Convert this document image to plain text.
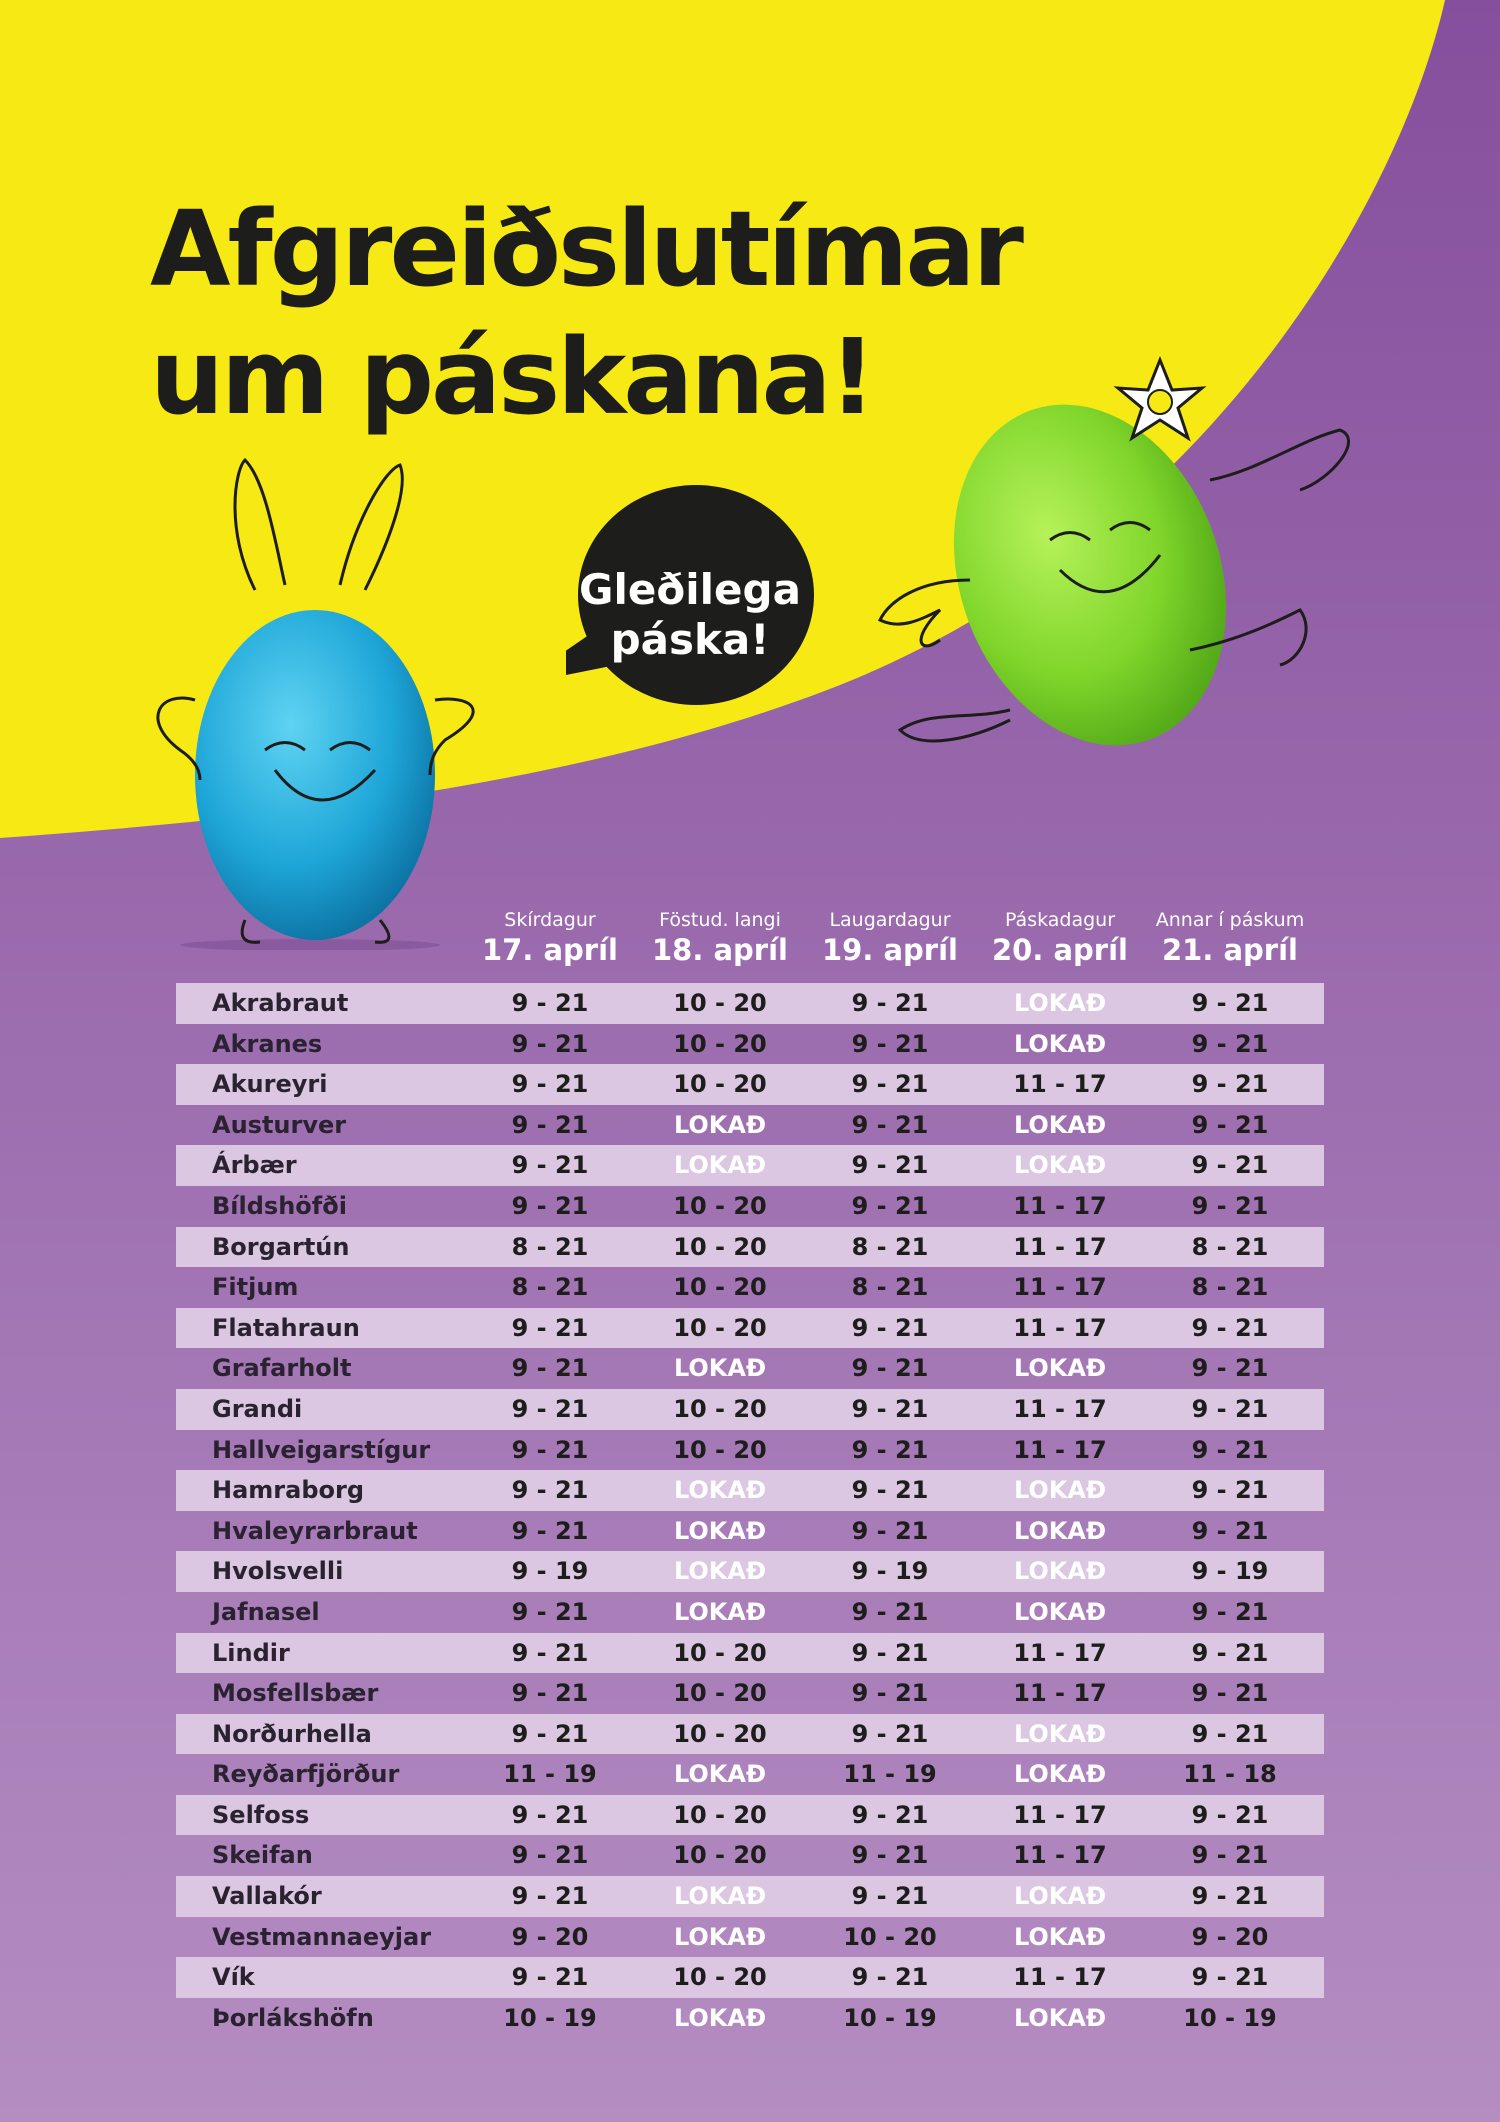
Afgreiðslutímar
um páskana!
Gleðilega
páska!
Skírdagur
17. apríl
Föstud. langi
18. apríl
Laugardagur
19. apríl
Páskadagur
20. apríl
Annar í páskum
21. apríl
Akrabraut	9 - 21	10 - 20	9 - 21	LOKAÐ	9 - 21
Akranes	9 - 21	10 - 20	9 - 21	LOKAÐ	9 - 21
Akureyri	9 - 21	10 - 20	9 - 21	11 - 17	9 - 21
Austurver	9 - 21	LOKAÐ	9 - 21	LOKAÐ	9 - 21
Árbær	9 - 21	LOKAÐ	9 - 21	LOKAÐ	9 - 21
Bíldshöfði	9 - 21	10 - 20	9 - 21	11 - 17	9 - 21
Borgartún	8 - 21	10 - 20	8 - 21	11 - 17	8 - 21
Fitjum	8 - 21	10 - 20	8 - 21	11 - 17	8 - 21
Flatahraun	9 - 21	10 - 20	9 - 21	11 - 17	9 - 21
Grafarholt	9 - 21	LOKAÐ	9 - 21	LOKAÐ	9 - 21
Grandi	9 - 21	10 - 20	9 - 21	11 - 17	9 - 21
Hallveigarstígur	9 - 21	10 - 20	9 - 21	11 - 17	9 - 21
Hamraborg	9 - 21	LOKAÐ	9 - 21	LOKAÐ	9 - 21
Hvaleyrarbraut	9 - 21	LOKAÐ	9 - 21	LOKAÐ	9 - 21
Hvolsvelli	9 - 19	LOKAÐ	9 - 19	LOKAÐ	9 - 19
Jafnasel	9 - 21	LOKAÐ	9 - 21	LOKAÐ	9 - 21
Lindir	9 - 21	10 - 20	9 - 21	11 - 17	9 - 21
Mosfellsbær	9 - 21	10 - 20	9 - 21	11 - 17	9 - 21
Norðurhella	9 - 21	10 - 20	9 - 21	LOKAÐ	9 - 21
Reyðarfjörður	11 - 19	LOKAÐ	11 - 19	LOKAÐ	11 - 18
Selfoss	9 - 21	10 - 20	9 - 21	11 - 17	9 - 21
Skeifan	9 - 21	10 - 20	9 - 21	11 - 17	9 - 21
Vallakór	9 - 21	LOKAÐ	9 - 21	LOKAÐ	9 - 21
Vestmannaeyjar	9 - 20	LOKAÐ	10 - 20	LOKAÐ	9 - 20
Vík	9 - 21	10 - 20	9 - 21	11 - 17	9 - 21
Þorlákshöfn	10 - 19	LOKAÐ	10 - 19	LOKAÐ	10 - 19
